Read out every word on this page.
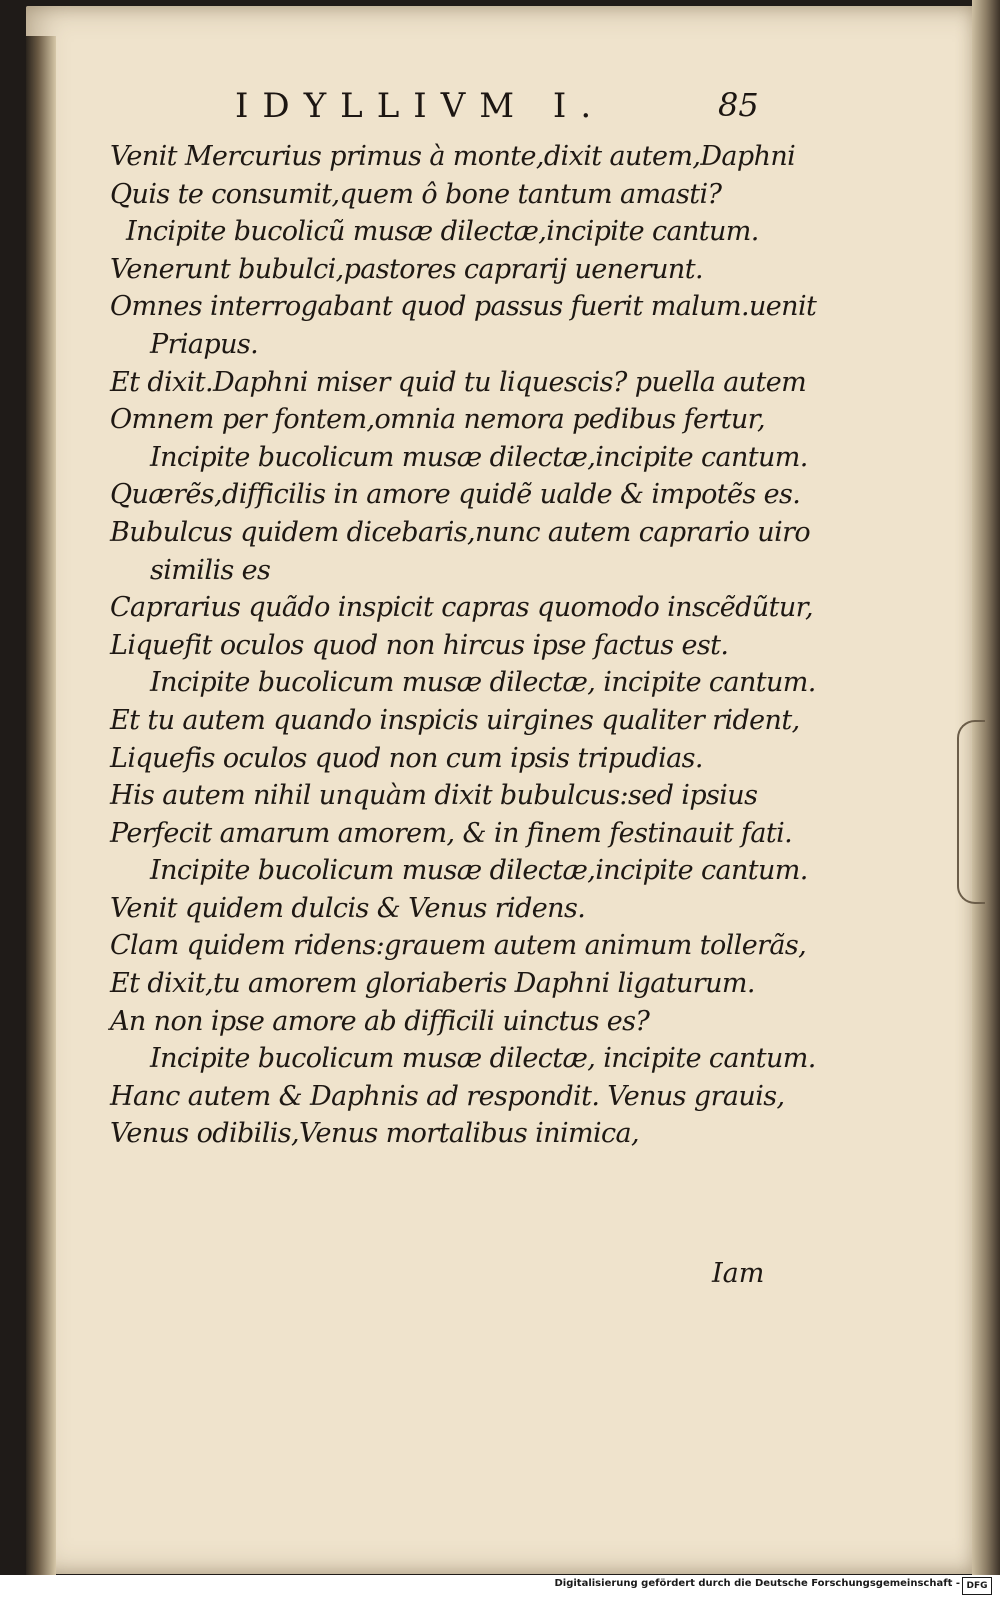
IDYLLIVM I.	85
Venit Mercurius primus à monte,dixit autem,Daphni
Quis te consumit,quem ô bone tantum amasti?
Incipite bucolicũ musæ dilectæ,incipite cantum.
Venerunt bubulci,pastores caprarij uenerunt.
Omnes interrogabant quod passus fuerit malum.uenit
Priapus.
Et dixit.Daphni miser quid tu liquescis? puella autem
Omnem per fontem,omnia nemora pedibus fertur,
Incipite bucolicum musæ dilectæ,incipite cantum.
Quærẽs,difficilis in amore quidẽ ualde & impotẽs es.
Bubulcus quidem dicebaris,nunc autem caprario uiro
similis es
Caprarius quãdo inspicit capras quomodo inscẽdũtur,
Liquefit oculos quod non hircus ipse factus est.
Incipite bucolicum musæ dilectæ, incipite cantum.
Et tu autem quando inspicis uirgines qualiter rident,
Liquefis oculos quod non cum ipsis tripudias.
His autem nihil unquàm dixit bubulcus:sed ipsius
Perfecit amarum amorem, & in finem festinauit fati.
Incipite bucolicum musæ dilectæ,incipite cantum.
Venit quidem dulcis & Venus ridens.
Clam quidem ridens:grauem autem animum tollerãs,
Et dixit,tu amorem gloriaberis Daphni ligaturum.
An non ipse amore ab difficili uinctus es?
Incipite bucolicum musæ dilectæ, incipite cantum.
Hanc autem & Daphnis ad respondit. Venus grauis,
Venus odibilis,Venus mortalibus inimica,
Iam
Digitalisierung gefördert durch die Deutsche Forschungsgemeinschaft - DFG
